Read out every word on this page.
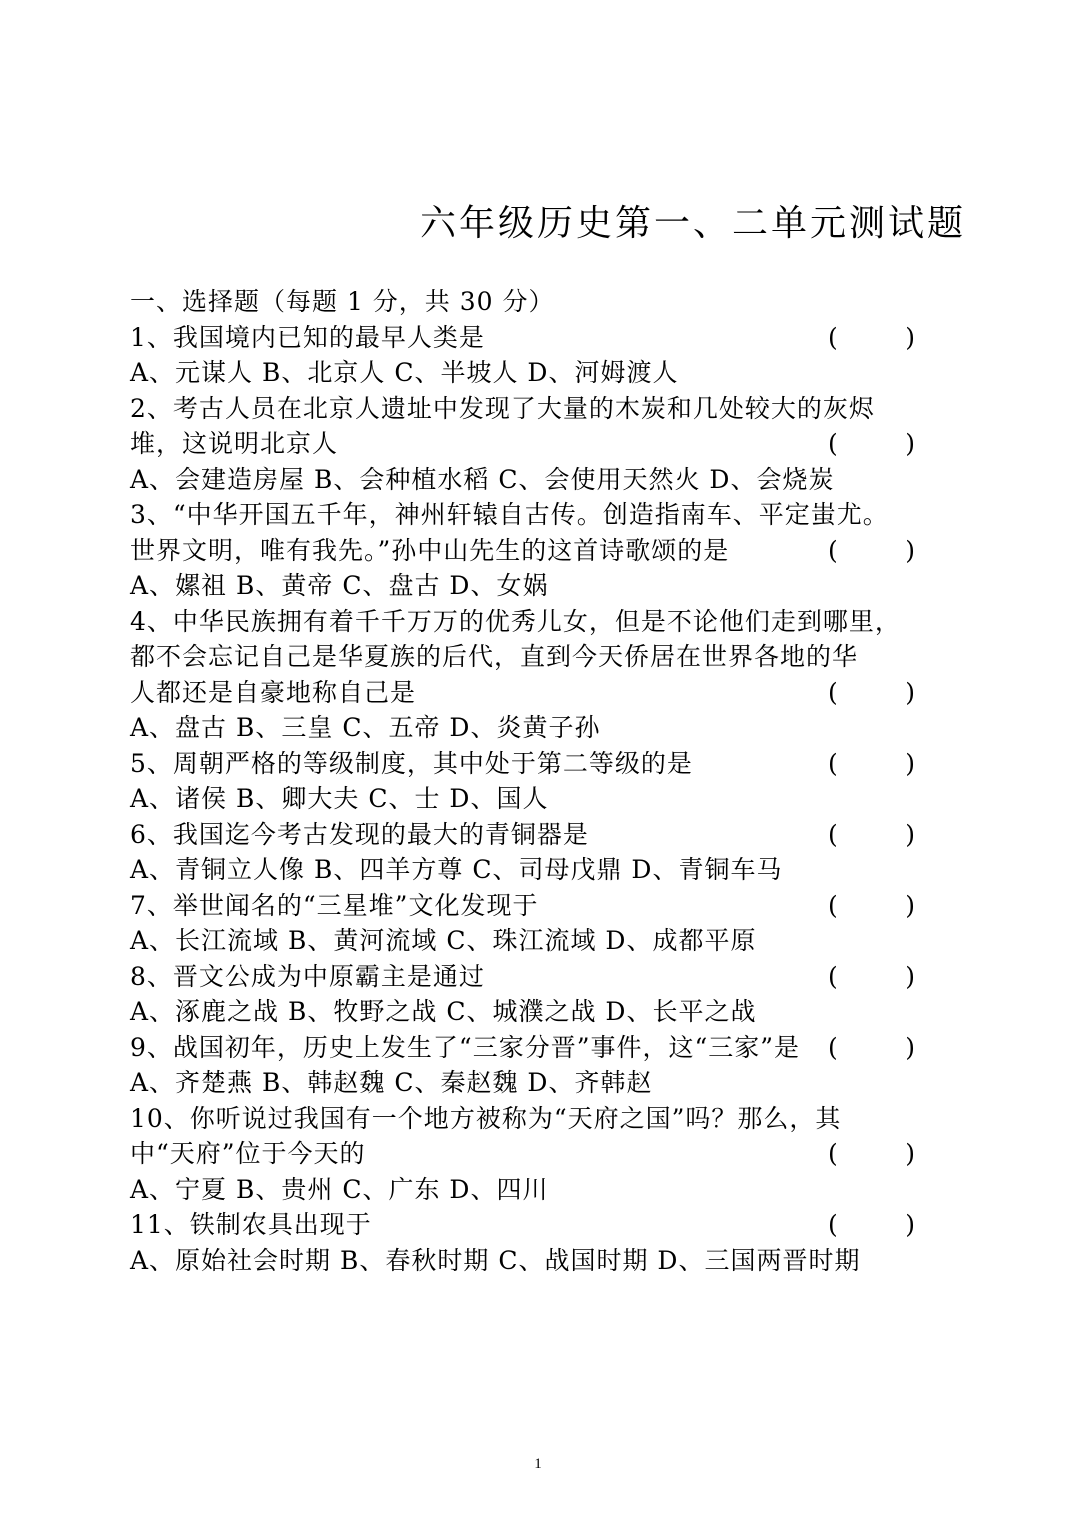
六年级历史第一、二单元测试题
一、选择题（每题 1 分，共 30 分）
1、我国境内已知的最早人类是	(	)
A、元谋人 B、北京人 C、半坡人 D、河姆渡人
2、考古人员在北京人遗址中发现了大量的木炭和几处较大的灰烬
堆，这说明北京人	(	)
A、会建造房屋 B、会种植水稻 C、会使用天然火 D、会烧炭
3、“中华开国五千年，神州轩辕自古传。创造指南车、平定蚩尤。
世界文明，唯有我先。”孙中山先生的这首诗歌颂的是	(	)
A、嫘祖 B、黄帝 C、盘古 D、女娲
4、中华民族拥有着千千万万的优秀儿女，但是不论他们走到哪里，
都不会忘记自己是华夏族的后代，直到今天侨居在世界各地的华
人都还是自豪地称自己是	(	)
A、盘古 B、三皇 C、五帝 D、炎黄子孙
5、周朝严格的等级制度，其中处于第二等级的是	(	)
A、诸侯 B、卿大夫 C、士 D、国人
6、我国迄今考古发现的最大的青铜器是	(	)
A、青铜立人像 B、四羊方尊 C、司母戊鼎 D、青铜车马
7、举世闻名的“三星堆”文化发现于	(	)
A、长江流域 B、黄河流域 C、珠江流域 D、成都平原
8、晋文公成为中原霸主是通过	(	)
A、涿鹿之战 B、牧野之战 C、城濮之战 D、长平之战
9、战国初年，历史上发生了“三家分晋”事件，这“三家”是 (	)
A、齐楚燕 B、韩赵魏 C、秦赵魏 D、齐韩赵
10、你听说过我国有一个地方被称为“天府之国”吗？那么，其
中“天府”位于今天的	(	)
A、宁夏 B、贵州 C、广东 D、四川
11、铁制农具出现于	(	)
A、原始社会时期 B、春秋时期 C、战国时期 D、三国两晋时期
1
